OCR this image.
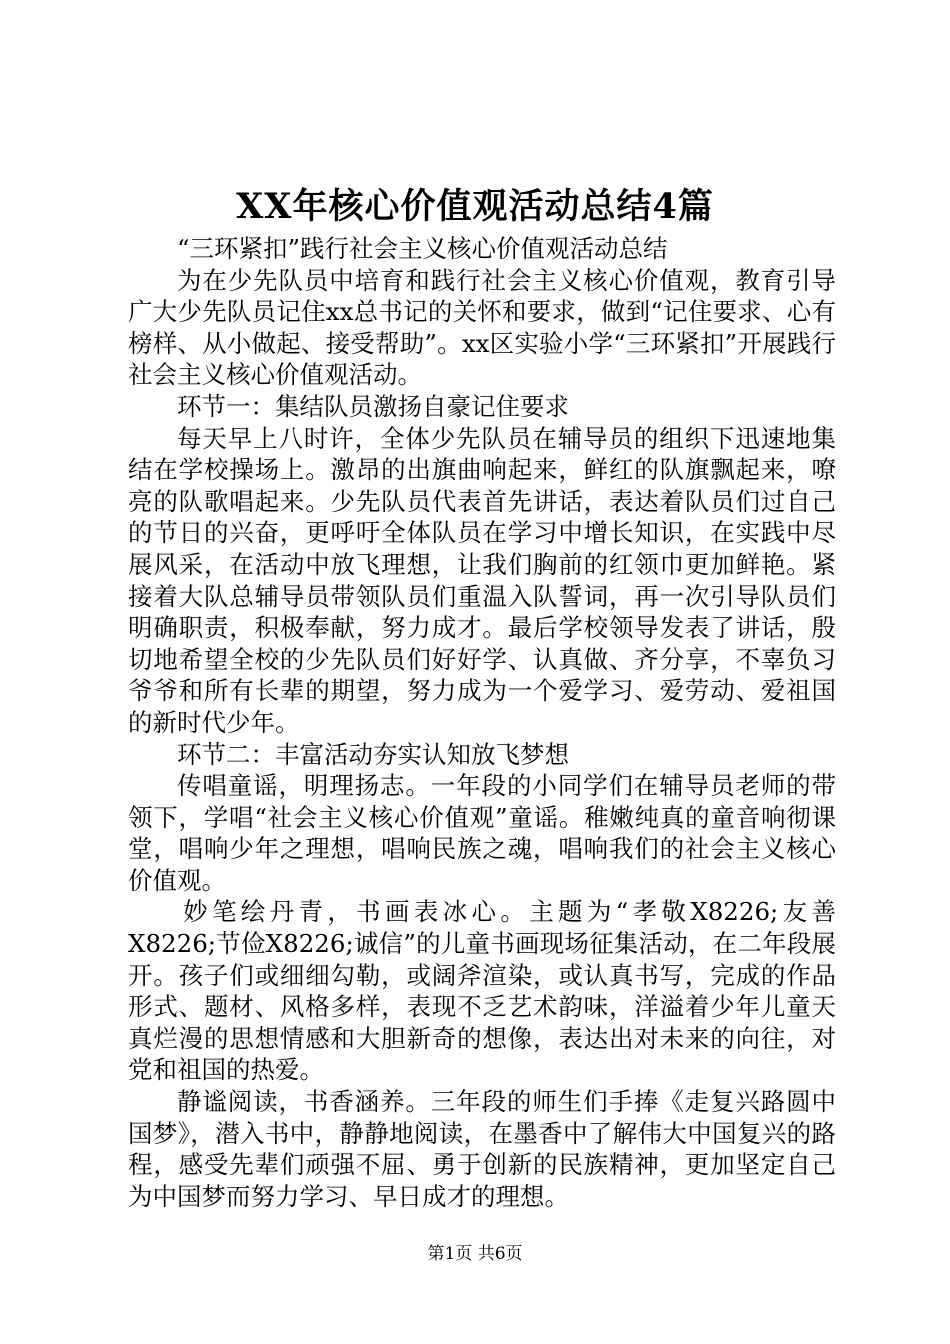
XX年核心价值观活动总结4篇

“三环紧扣”践行社会主义核心价值观活动总结

为在少先队员中培育和践行社会主义核心价值观，教育引导广大少先队员记住xx总书记的关怀和要求，做到“记住要求、心有榜样、从小做起、接受帮助”。xx区实验小学“三环紧扣”开展践行社会主义核心价值观活动。

环节一：集结队员激扬自豪记住要求

每天早上八时许，全体少先队员在辅导员的组织下迅速地集结在学校操场上。激昂的出旗曲响起来，鲜红的队旗飘起来，嘹亮的队歌唱起来。少先队员代表首先讲话，表达着队员们过自己的节日的兴奋，更呼吁全体队员在学习中增长知识，在实践中尽展风采，在活动中放飞理想，让我们胸前的红领巾更加鲜艳。紧接着大队总辅导员带领队员们重温入队誓词，再一次引导队员们明确职责，积极奉献，努力成才。最后学校领导发表了讲话，殷切地希望全校的少先队员们好好学、认真做、齐分享，不辜负习爷爷和所有长辈的期望，努力成为一个爱学习、爱劳动、爱祖国的新时代少年。

环节二：丰富活动夯实认知放飞梦想

传唱童谣，明理扬志。一年段的小同学们在辅导员老师的带领下，学唱“社会主义核心价值观”童谣。稚嫩纯真的童音响彻课堂，唱响少年之理想，唱响民族之魂，唱响我们的社会主义核心价值观。

妙笔绘丹青，书画表冰心。主题为“孝敬X8226;友善X8226;节俭X8226;诚信”的儿童书画现场征集活动，在二年段展开。孩子们或细细勾勒，或阔斧渲染，或认真书写，完成的作品形式、题材、风格多样，表现不乏艺术韵味，洋溢着少年儿童天真烂漫的思想情感和大胆新奇的想像，表达出对未来的向往，对党和祖国的热爱。

静谧阅读，书香涵养。三年段的师生们手捧《走复兴路圆中国梦》，潜入书中，静静地阅读，在墨香中了解伟大中国复兴的路程，感受先辈们顽强不屈、勇于创新的民族精神，更加坚定自己为中国梦而努力学习、早日成才的理想。

第1页 共6页
